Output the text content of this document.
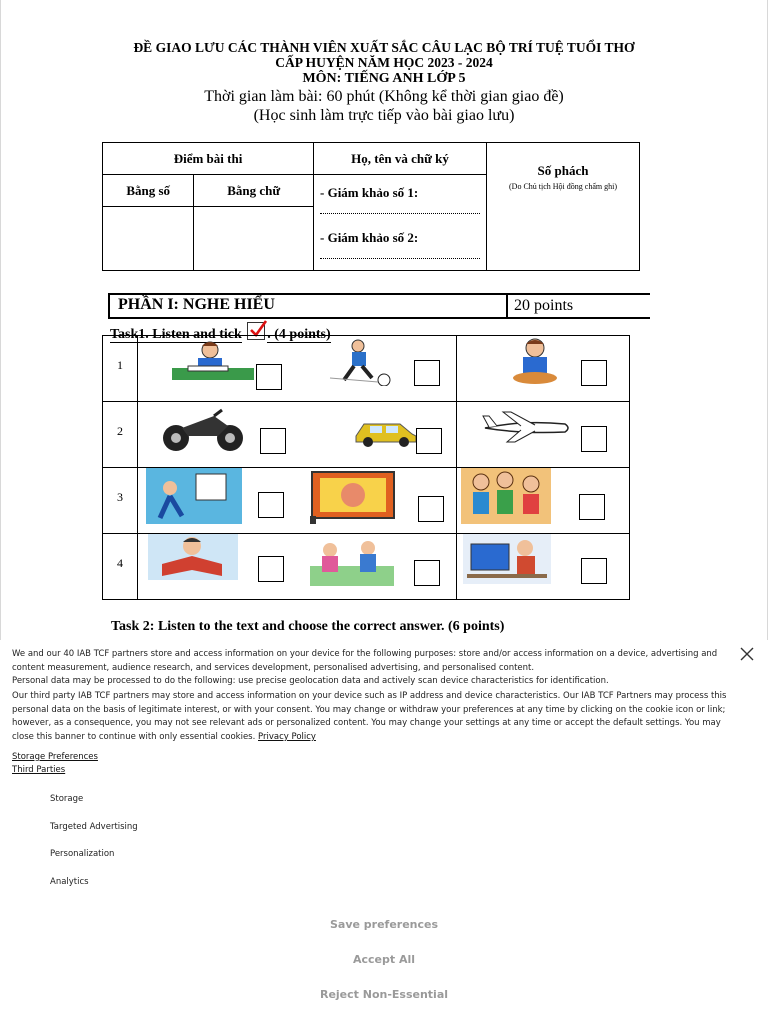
ĐỀ GIAO LƯU CÁC THÀNH VIÊN XUẤT SẮC CÂU LẠC BỘ TRÍ TUỆ TUỔI THƠ
CẤP HUYỆN NĂM HỌC 2023 - 2024
MÔN: TIẾNG ANH LỚP 5
Thời gian làm bài: 60 phút (Không kể thời gian giao đề)
(Học sinh làm trực tiếp vào bài giao lưu)
Điểm bài thi		Họ, tên và chữ ký	Số phách
(Do Chủ tịch Hội đồng chấm ghi)

Bằng số	Bằng chữ	- Giám khảo số 1:
- Giám khảo số 2:	

PHẦN I: NGHE HIỂU	20 points
Task1. Listen and tick . (4 points)
1

2

3

4

Task 2: Listen to the text and choose the correct answer. (6 points)
We and our 40 IAB TCF partners store and access information on your device for the following purposes: store and/or access information on a device, advertising and content measurement, audience research, and services development, personalised advertising, and personalised content.
Personal data may be processed to do the following: use precise geolocation data and actively scan device characteristics for identification.
Our third party IAB TCF partners may store and access information on your device such as IP address and device characteristics. Our IAB TCF Partners may process this personal data on the basis of legitimate interest, or with your consent. You may change or withdraw your preferences at any time by clicking on the cookie icon or link; however, as a consequence, you may not see relevant ads or personalized content. You may change your settings at any time or accept the default settings. You may close this banner to continue with only essential cookies. Privacy Policy
Storage Preferences
Third Parties
Storage
Targeted Advertising
Personalization
Analytics
Save preferences
Accept All
Reject Non-Essential
